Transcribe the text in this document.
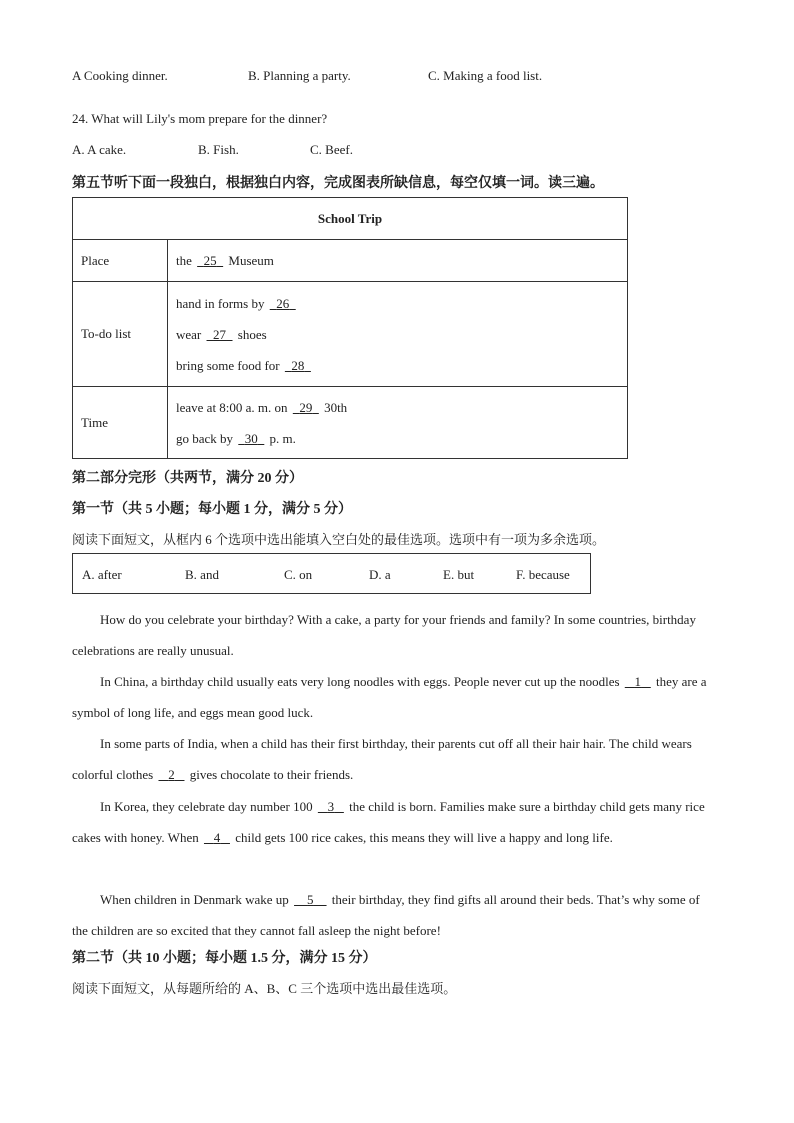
A Cooking dinner.	B. Planning a party.	C. Making a food list.
24. What will Lily's mom prepare for the dinner?
A. A cake.	B. Fish.	C. Beef.
第五节听下面一段独白，根据独白内容，完成图表所缺信息，每空仅填一词。读三遍。
School Trip	
Place	the   25   Museum
To-do list	hand in forms by   26
wear   27   shoes
bring some food for   28

Time	leave at 8:00 a. m. on   29   30th
go back by   30   p. m.
第二部分完形（共两节，满分 20 分）
第一节（共 5 小题；每小题 1 分，满分 5 分）
阅读下面短文，从框内 6 个选项中选出能填入空白处的最佳选项。选项中有一项为多余选项。
A. after	B. and	C. on	D. a	E. but	F. because
How do you celebrate your birthday? With a cake, a party for your friends and family? In some countries, birthday celebrations are really unusual.
In China, a birthday child usually eats very long noodles with eggs. People never cut up the noodles    1    they are a symbol of long life, and eggs mean good luck.
In some parts of India, when a child has their first birthday, their parents cut off all their hair hair. The child wears colorful clothes    2    gives chocolate to their friends.
In Korea, they celebrate day number 100    3    the child is born. Families make sure a birthday child gets many rice cakes with honey. When    4    child gets 100 rice cakes, this means they will live a happy and long life.
When children in Denmark wake up     5     their birthday, they find gifts all around their beds. That’s why some of the children are so excited that they cannot fall asleep the night before!
第二节（共 10 小题；每小题 1.5 分，满分 15 分）
阅读下面短文，从每题所给的 A、B、C 三个选项中选出最佳选项。
